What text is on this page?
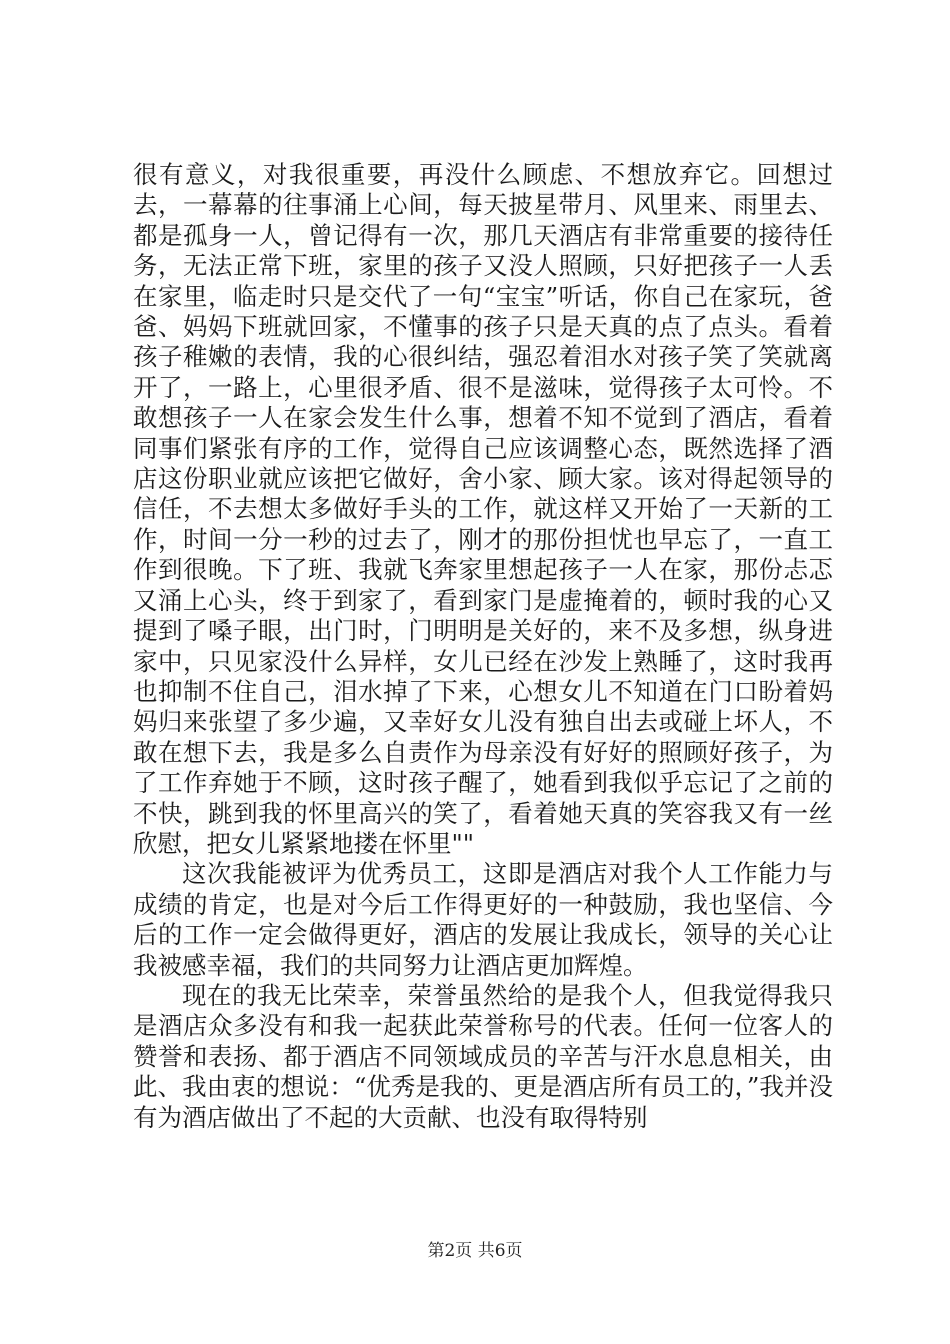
很有意义，对我很重要，再没什么顾虑、不想放弃它。回想过去，一幕幕的往事涌上心间，每天披星带月、风里来、雨里去、都是孤身一人，曾记得有一次，那几天酒店有非常重要的接待任务，无法正常下班，家里的孩子又没人照顾，只好把孩子一人丢在家里，临走时只是交代了一句“宝宝”听话，你自己在家玩，爸爸、妈妈下班就回家，不懂事的孩子只是天真的点了点头。看着孩子稚嫩的表情，我的心很纠结，强忍着泪水对孩子笑了笑就离开了，一路上，心里很矛盾、很不是滋味，觉得孩子太可怜。不敢想孩子一人在家会发生什么事，想着不知不觉到了酒店，看着同事们紧张有序的工作，觉得自己应该调整心态，既然选择了酒店这份职业就应该把它做好，舍小家、顾大家。该对得起领导的信任，不去想太多做好手头的工作，就这样又开始了一天新的工作，时间一分一秒的过去了，刚才的那份担忧也早忘了，一直工作到很晚。下了班、我就飞奔家里想起孩子一人在家，那份忐忑又涌上心头，终于到家了，看到家门是虚掩着的，顿时我的心又提到了嗓子眼，出门时，门明明是关好的，来不及多想，纵身进家中，只见家没什么异样，女儿已经在沙发上熟睡了，这时我再也抑制不住自己，泪水掉了下来，心想女儿不知道在门口盼着妈妈归来张望了多少遍，又幸好女儿没有独自出去或碰上坏人，不敢在想下去，我是多么自责作为母亲没有好好的照顾好孩子，为了工作弃她于不顾，这时孩子醒了，她看到我似乎忘记了之前的不快，跳到我的怀里高兴的笑了，看着她天真的笑容我又有一丝欣慰，把女儿紧紧地搂在怀里""

这次我能被评为优秀员工，这即是酒店对我个人工作能力与成绩的肯定，也是对今后工作得更好的一种鼓励，我也坚信、今后的工作一定会做得更好，酒店的发展让我成长，领导的关心让我被感幸福，我们的共同努力让酒店更加辉煌。

现在的我无比荣幸，荣誉虽然给的是我个人，但我觉得我只是酒店众多没有和我一起获此荣誉称号的代表。任何一位客人的赞誉和表扬、都于酒店不同领域成员的辛苦与汗水息息相关，由此、我由衷的想说：“优秀是我的、更是酒店所有员工的，”我并没有为酒店做出了不起的大贡献、也没有取得特别

第2页 共6页
